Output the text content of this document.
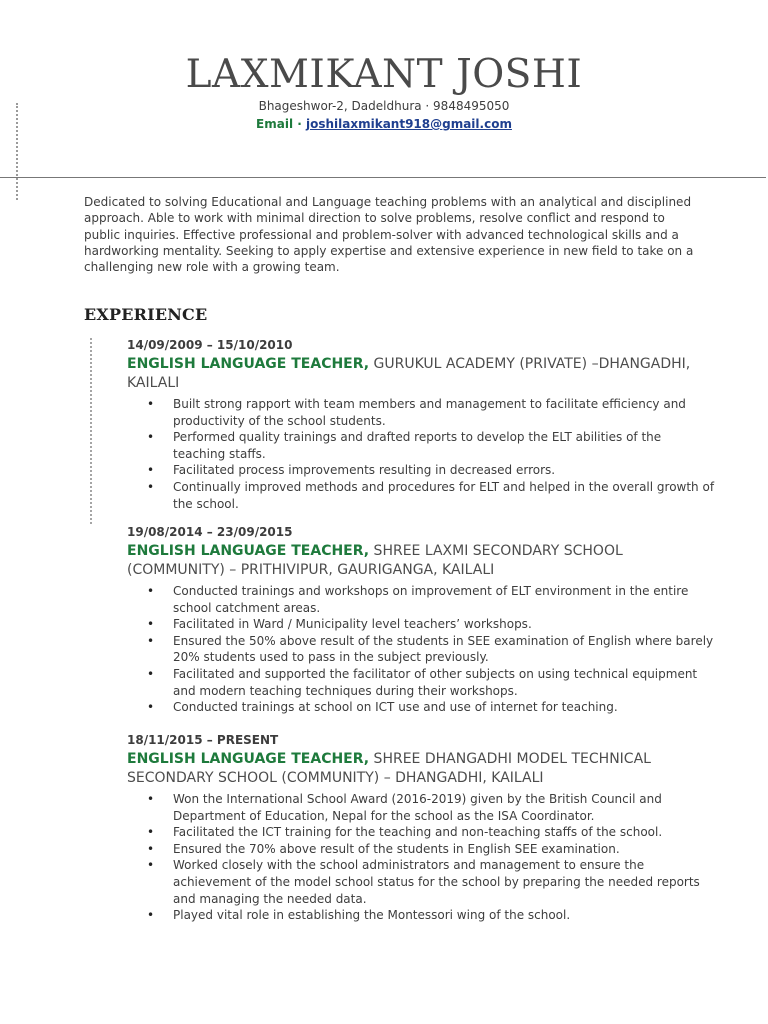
LAXMIKANT JOSHI
Bhageshwor-2, Dadeldhura · 9848495050
Email · joshilaxmikant918@gmail.com
Dedicated to solving Educational and Language teaching problems with an analytical and disciplined approach. Able to work with minimal direction to solve problems, resolve conflict and respond to public inquiries. Effective professional and problem-solver with advanced technological skills and a hardworking mentality. Seeking to apply expertise and extensive experience in new field to take on a challenging new role with a growing team.
EXPERIENCE
14/09/2009 – 15/10/2010
ENGLISH LANGUAGE TEACHER, GURUKUL ACADEMY (PRIVATE) –DHANGADHI, KAILALI
• Built strong rapport with team members and management to facilitate efficiency and productivity of the school students.
• Performed quality trainings and drafted reports to develop the ELT abilities of the teaching staffs.
• Facilitated process improvements resulting in decreased errors.
• Continually improved methods and procedures for ELT and helped in the overall growth of the school.
19/08/2014 – 23/09/2015
ENGLISH LANGUAGE TEACHER, SHREE LAXMI SECONDARY SCHOOL (COMMUNITY) – PRITHIVIPUR, GAURIGANGA, KAILALI
• Conducted trainings and workshops on improvement of ELT environment in the entire school catchment areas.
• Facilitated in Ward / Municipality level teachers’ workshops.
• Ensured the 50% above result of the students in SEE examination of English where barely 20% students used to pass in the subject previously.
• Facilitated and supported the facilitator of other subjects on using technical equipment and modern teaching techniques during their workshops.
• Conducted trainings at school on ICT use and use of internet for teaching.
18/11/2015 – PRESENT
ENGLISH LANGUAGE TEACHER, SHREE DHANGADHI MODEL TECHNICAL SECONDARY SCHOOL (COMMUNITY) – DHANGADHI, KAILALI
• Won the International School Award (2016-2019) given by the British Council and Department of Education, Nepal for the school as the ISA Coordinator.
• Facilitated the ICT training for the teaching and non-teaching staffs of the school.
• Ensured the 70% above result of the students in English SEE examination.
• Worked closely with the school administrators and management to ensure the achievement of the model school status for the school by preparing the needed reports and managing the needed data.
• Played vital role in establishing the Montessori wing of the school.
